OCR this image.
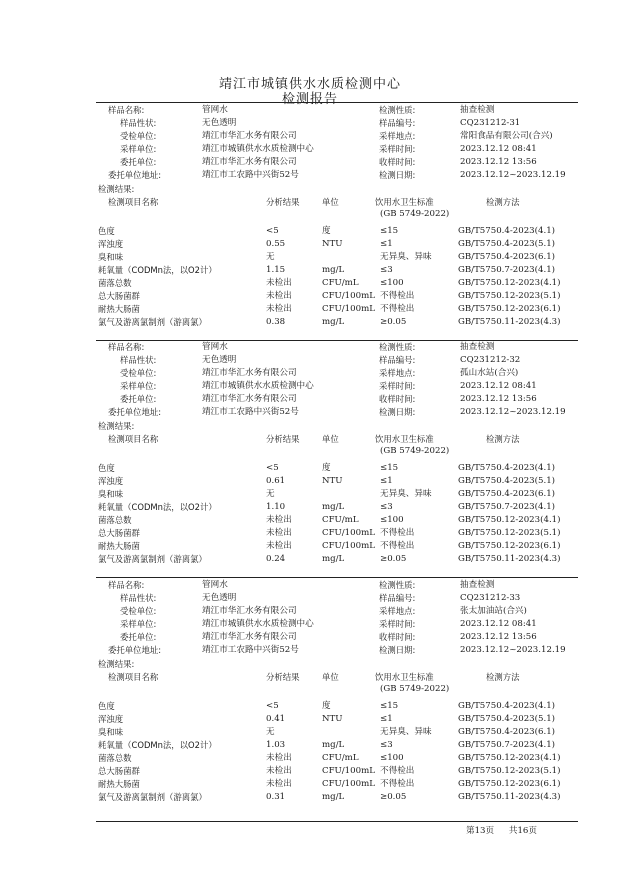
靖江市城镇供水水质检测中心
检测报告
样品名称:	管网水
样品性状:	无色透明
受检单位:	靖江市华汇水务有限公司
采样单位:	靖江市城镇供水水质检测中心
委托单位:	靖江市华汇水务有限公司
委托单位地址:	靖江市工农路中兴街52号
检测性质:	抽查检测
样品编号:	CQ231212-31
采样地点:	常阳食品有限公司(合兴)
采样时间:	2023.12.12 08:41
收样时间:	2023.12.12 13:56
检测日期:	2023.12.12~2023.12.19
检测结果:
检测项目名称	分析结果	单位	饮用水卫生标准
(GB 5749-2022)
检测方法
色度	<5	度	≤15	GB/T5750.4-2023(4.1)
浑浊度	0.55	NTU	≤1	GB/T5750.4-2023(5.1)
臭和味	无	无异臭、异味	GB/T5750.4-2023(6.1)
耗氧量（CODMn法，以O2计）	1.15	mg/L	≤3	GB/T5750.7-2023(4.1)
菌落总数	未检出	CFU/mL ≤100	GB/T5750.12-2023(4.1)
总大肠菌群	未检出	CFU/100mL 不得检出	GB/T5750.12-2023(5.1)
耐热大肠菌	未检出	CFU/100mL 不得检出	GB/T5750.12-2023(6.1)
氯气及游离氯制剂（游离氯）	0.38	mg/L	≥0.05	GB/T5750.11-2023(4.3)
样品名称:	管网水
样品性状:	无色透明
受检单位:	靖江市华汇水务有限公司
采样单位:	靖江市城镇供水水质检测中心
委托单位:	靖江市华汇水务有限公司
委托单位地址:	靖江市工农路中兴街52号
检测性质:	抽查检测
样品编号:	CQ231212-32
采样地点:	孤山水站(合兴)
采样时间:	2023.12.12 08:41
收样时间:	2023.12.12 13:56
检测日期:	2023.12.12~2023.12.19
检测结果:
检测项目名称	分析结果	单位	饮用水卫生标准
(GB 5749-2022)
检测方法
色度	<5	度	≤15	GB/T5750.4-2023(4.1)
浑浊度	0.61	NTU	≤1	GB/T5750.4-2023(5.1)
臭和味	无	无异臭、异味	GB/T5750.4-2023(6.1)
耗氧量（CODMn法，以O2计）	1.10	mg/L	≤3	GB/T5750.7-2023(4.1)
菌落总数	未检出	CFU/mL ≤100	GB/T5750.12-2023(4.1)
总大肠菌群	未检出	CFU/100mL 不得检出	GB/T5750.12-2023(5.1)
耐热大肠菌	未检出	CFU/100mL 不得检出	GB/T5750.12-2023(6.1)
氯气及游离氯制剂（游离氯）	0.24	mg/L	≥0.05	GB/T5750.11-2023(4.3)
样品名称:	管网水
样品性状:	无色透明
受检单位:	靖江市华汇水务有限公司
采样单位:	靖江市城镇供水水质检测中心
委托单位:	靖江市华汇水务有限公司
委托单位地址:	靖江市工农路中兴街52号
检测性质:	抽查检测
样品编号:	CQ231212-33
采样地点:	张太加油站(合兴)
采样时间:	2023.12.12 08:41
收样时间:	2023.12.12 13:56
检测日期:	2023.12.12~2023.12.19
检测结果:
检测项目名称	分析结果	单位	饮用水卫生标准
(GB 5749-2022)
检测方法
色度	<5	度	≤15	GB/T5750.4-2023(4.1)
浑浊度	0.41	NTU	≤1	GB/T5750.4-2023(5.1)
臭和味	无	无异臭、异味	GB/T5750.4-2023(6.1)
耗氧量（CODMn法，以O2计）	1.03	mg/L	≤3	GB/T5750.7-2023(4.1)
菌落总数	未检出	CFU/mL ≤100	GB/T5750.12-2023(4.1)
总大肠菌群	未检出	CFU/100mL 不得检出	GB/T5750.12-2023(5.1)
耐热大肠菌	未检出	CFU/100mL 不得检出	GB/T5750.12-2023(6.1)
氯气及游离氯制剂（游离氯）	0.31	mg/L	≥0.05	GB/T5750.11-2023(4.3)
第13页 共16页
